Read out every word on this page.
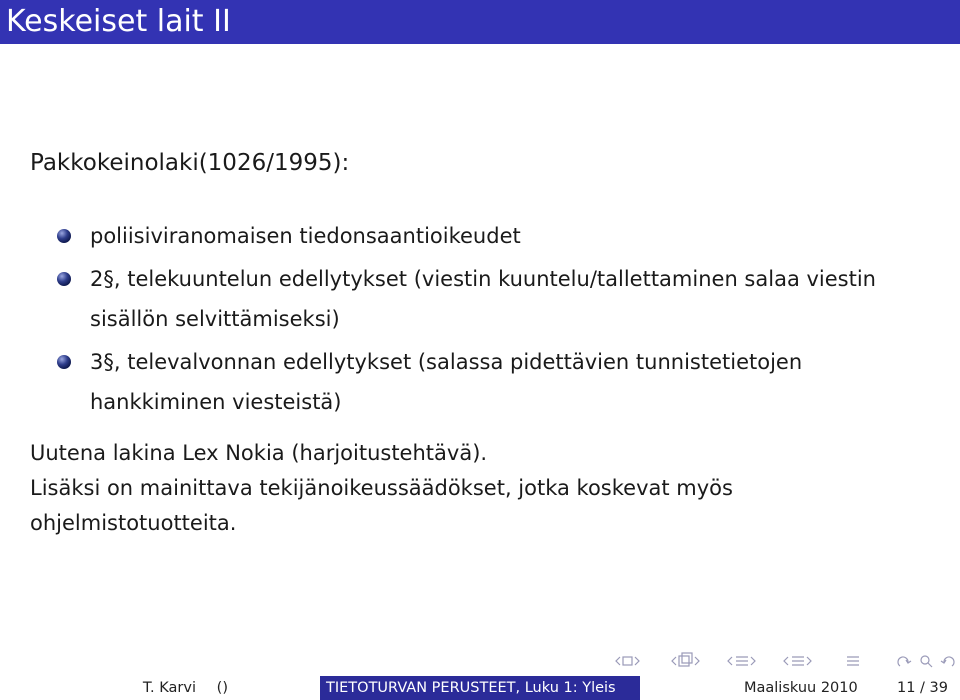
Keskeiset lait II
Pakkokeinolaki(1026/1995):
poliisiviranomaisen tiedonsaantioikeudet
2§, telekuuntelun edellytykset (viestin kuuntelu/tallettaminen salaa viestin sisällön selvittämiseksi)
3§, televalvonnan edellytykset (salassa pidettävien tunnistetietojen hankkiminen viesteistä)
Uutena lakina Lex Nokia (harjoitustehtävä).
Lisäksi on mainittava tekijänoikeussäädökset, jotka koskevat myös ohjelmistotuotteita.
T. Karvi ()	TIETOTURVAN PERUSTEET, Luku 1: Yleis	Maaliskuu 2010	11 / 39
